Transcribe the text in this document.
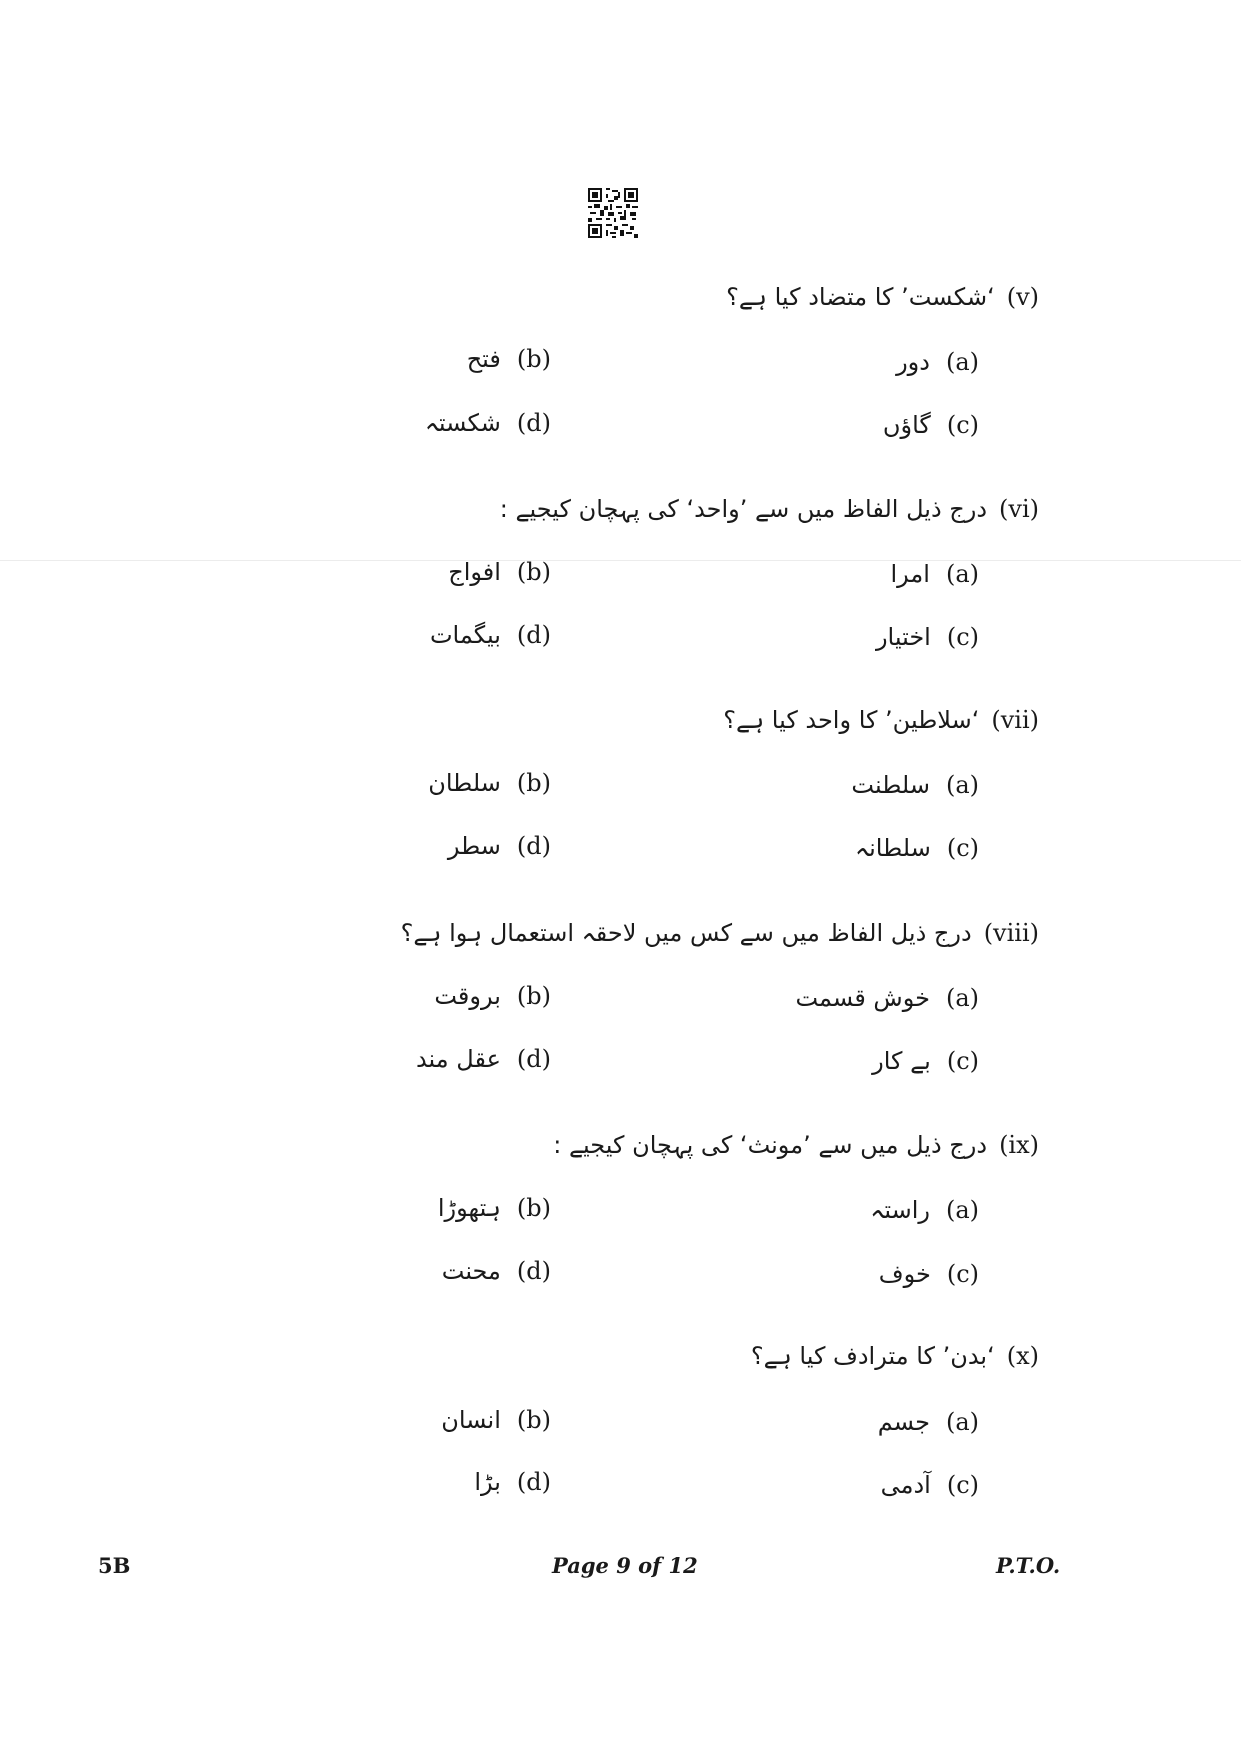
(v)
‘شکست’ کا متضاد کیا ہے؟
(a)
دور
(b)
فتح
(c)
گاؤں
(d)
شکستہ
(vi)
درج ذیل الفاظ میں سے ’واحد‘ کی پہچان کیجیے :
(a)
امرا
(b)
افواج
(c)
اختیار
(d)
بیگمات
(vii)
‘سلاطین’ کا واحد کیا ہے؟
(a)
سلطنت
(b)
سلطان
(c)
سلطانہ
(d)
سطر
(viii)
درج ذیل الفاظ میں سے کس میں لاحقہ استعمال ہوا ہے؟
(a)
خوش قسمت
(b)
بروقت
(c)
بے کار
(d)
عقل مند
(ix)
درج ذیل میں سے ’مونث‘ کی پہچان کیجیے :
(a)
راستہ
(b)
ہتھوڑا
(c)
خوف
(d)
محنت
(x)
‘بدن’ کا مترادف کیا ہے؟
(a)
جسم
(b)
انسان
(c)
آدمی
(d)
بڑا
5B	Page 9 of 12	P.T.O.
